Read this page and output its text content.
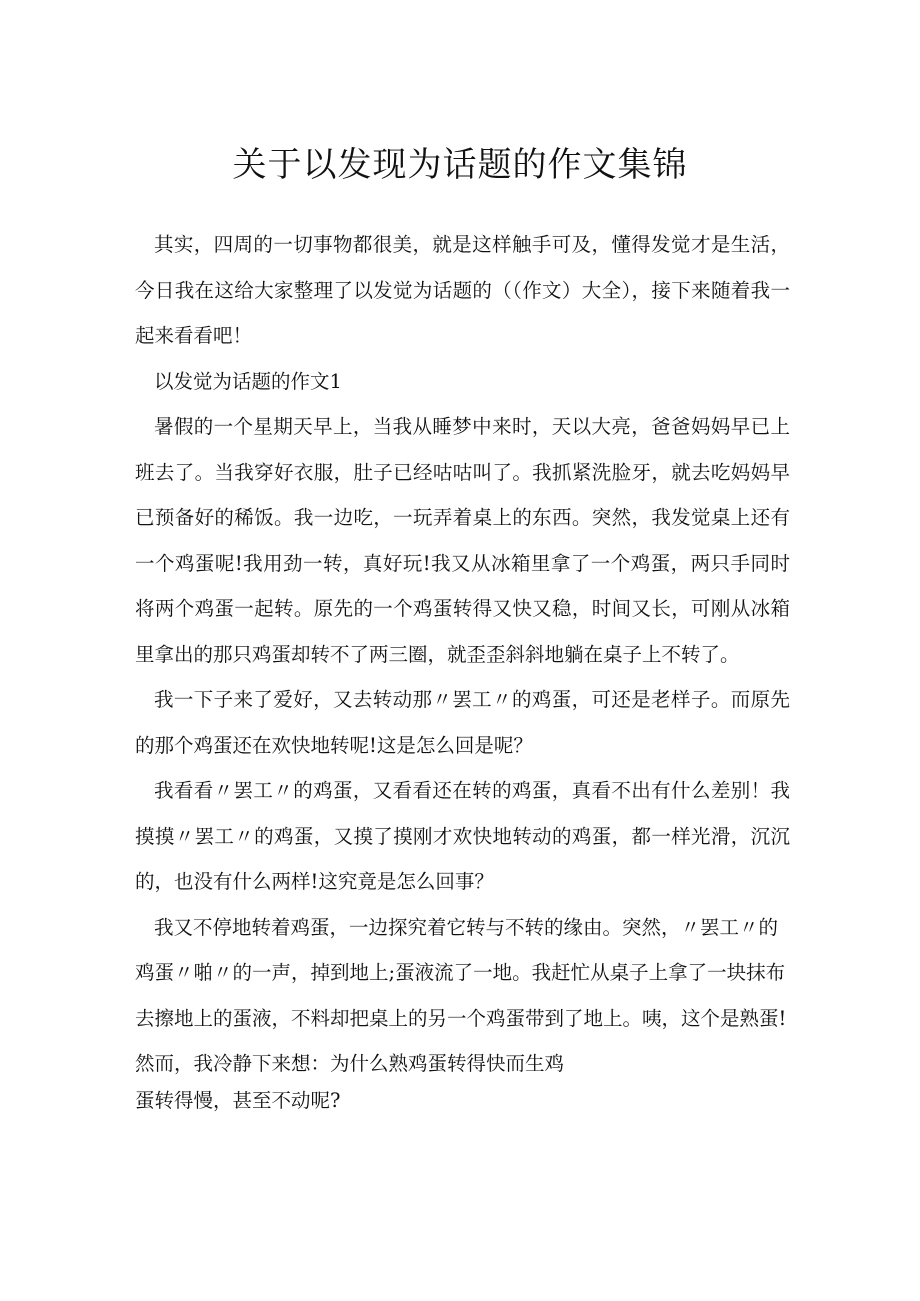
关于以发现为话题的作文集锦

其实，四周的一切事物都很美，就是这样触手可及，懂得发觉才是生活，今日我在这给大家整理了以发觉为话题的（（作文）大全），接下来随着我一起来看看吧！

以发觉为话题的作文1

暑假的一个星期天早上，当我从睡梦中来时，天以大亮，爸爸妈妈早已上班去了。当我穿好衣服，肚子已经咕咕叫了。我抓紧洗脸牙，就去吃妈妈早已预备好的稀饭。我一边吃，一玩弄着桌上的东西。突然，我发觉桌上还有一个鸡蛋呢!我用劲一转，真好玩!我又从冰箱里拿了一个鸡蛋，两只手同时将两个鸡蛋一起转。原先的一个鸡蛋转得又快又稳，时间又长，可刚从冰箱里拿出的那只鸡蛋却转不了两三圈，就歪歪斜斜地躺在桌子上不转了。

我一下子来了爱好，又去转动那〃罢工〃的鸡蛋，可还是老样子。而原先的那个鸡蛋还在欢快地转呢!这是怎么回是呢？

我看看〃罢工〃的鸡蛋，又看看还在转的鸡蛋，真看不出有什么差别！我摸摸〃罢工〃的鸡蛋，又摸了摸刚才欢快地转动的鸡蛋，都一样光滑，沉沉的，也没有什么两样!这究竟是怎么回事？

我又不停地转着鸡蛋，一边探究着它转与不转的缘由。突然，〃罢工〃的鸡蛋〃啪〃的一声，掉到地上;蛋液流了一地。我赶忙从桌子上拿了一块抹布去擦地上的蛋液，不料却把桌上的另一个鸡蛋带到了地上。咦，这个是熟蛋!然而，我冷静下来想：为什么熟鸡蛋转得快而生鸡

蛋转得慢，甚至不动呢?
